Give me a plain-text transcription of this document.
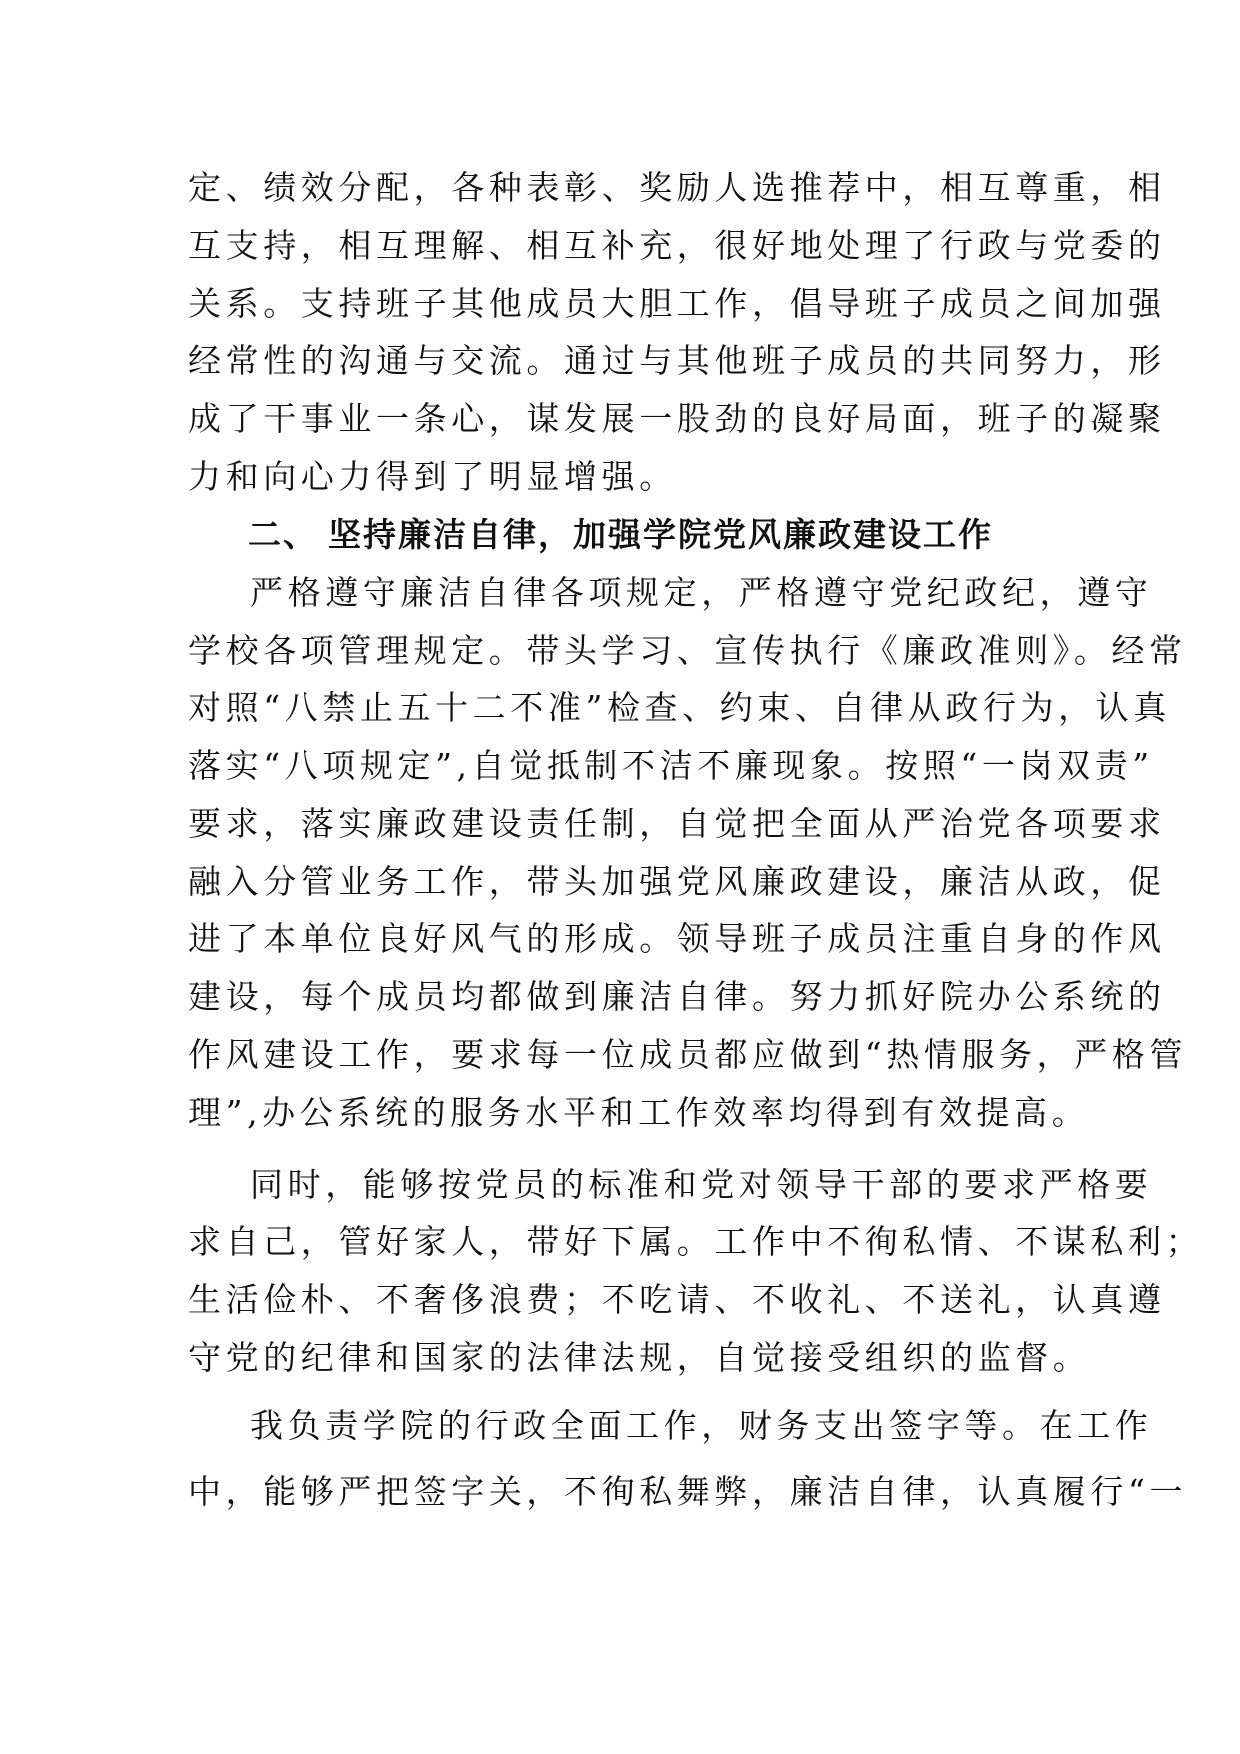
定、绩效分配，各种表彰、奖励人选推荐中，相互尊重，相
互支持，相互理解、相互补充，很好地处理了行政与党委的
关系。支持班子其他成员大胆工作，倡导班子成员之间加强
经常性的沟通与交流。通过与其他班子成员的共同努力，形
成了干事业一条心，谋发展一股劲的良好局面，班子的凝聚
力和向心力得到了明显增强。
二、 坚持廉洁自律，加强学院党风廉政建设工作
严格遵守廉洁自律各项规定，严格遵守党纪政纪，遵守
学校各项管理规定。带头学习、宣传执行《廉政准则》。经常
对照“八禁止五十二不准”检查、约束、自律从政行为，认真
落实“八项规定”,自觉抵制不洁不廉现象。按照“一岗双责”
要求，落实廉政建设责任制，自觉把全面从严治党各项要求
融入分管业务工作，带头加强党风廉政建设，廉洁从政，促
进了本单位良好风气的形成。领导班子成员注重自身的作风
建设，每个成员均都做到廉洁自律。努力抓好院办公系统的
作风建设工作，要求每一位成员都应做到“热情服务，严格管
理”,办公系统的服务水平和工作效率均得到有效提高。
同时，能够按党员的标准和党对领导干部的要求严格要
求自己，管好家人，带好下属。工作中不徇私情、不谋私利；
生活俭朴、不奢侈浪费；不吃请、不收礼、不送礼，认真遵
守党的纪律和国家的法律法规，自觉接受组织的监督。
我负责学院的行政全面工作，财务支出签字等。在工作
中，能够严把签字关，不徇私舞弊，廉洁自律，认真履行“一
